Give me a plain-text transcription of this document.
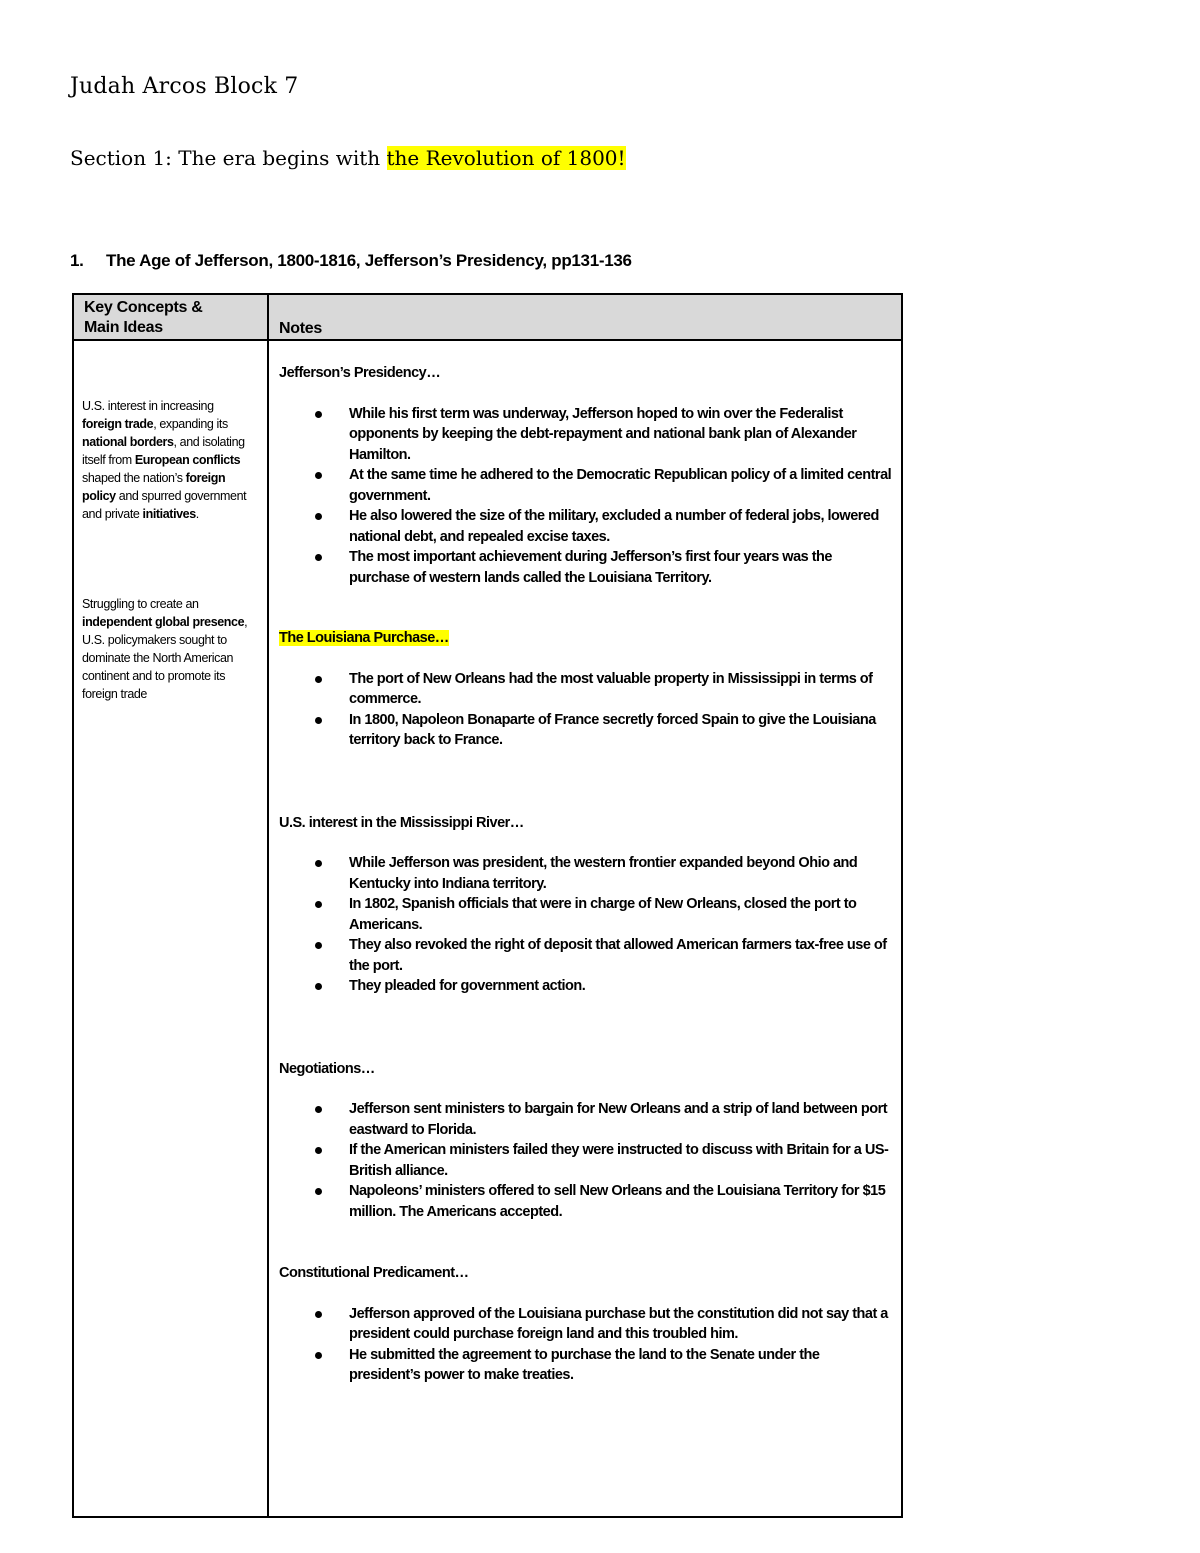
Judah Arcos Block 7
Section 1: The era begins with the Revolution of 1800!
1. The Age of Jefferson, 1800-1816, Jefferson’s Presidency, pp131-136
Key Concepts &
Main Ideas	Notes
U.S. interest in increasing foreign trade, expanding its national borders, and isolating itself from European conflicts shaped the nation’s foreign policy and spurred government and private initiatives.
Struggling to create an independent global presence, U.S. policymakers sought to dominate the North American continent and to promote its foreign trade

Jefferson’s Presidency…

While his first term was underway, Jefferson hoped to win over the Federalist opponents by keeping the debt-repayment and national bank plan of Alexander Hamilton.
At the same time he adhered to the Democratic Republican policy of a limited central government.
He also lowered the size of the military, excluded a number of federal jobs, lowered national debt, and repealed excise taxes.
The most important achievement during Jefferson’s first four years was the purchase of western lands called the Louisiana Territory.

The Louisiana Purchase…

The port of New Orleans had the most valuable property in Mississippi in terms of commerce.
In 1800, Napoleon Bonaparte of France secretly forced Spain to give the Louisiana territory back to France.

U.S. interest in the Mississippi River…

While Jefferson was president, the western frontier expanded beyond Ohio and Kentucky into Indiana territory.
In 1802, Spanish officials that were in charge of New Orleans, closed the port to Americans.
They also revoked the right of deposit that allowed American farmers tax-free use of the port.
They pleaded for government action.

Negotiations…

Jefferson sent ministers to bargain for New Orleans and a strip of land between port eastward to Florida.
If the American ministers failed they were instructed to discuss with Britain for a US-British alliance.
Napoleons’ ministers offered to sell New Orleans and the Louisiana Territory for $15 million. The Americans accepted.

Constitutional Predicament…

Jefferson approved of the Louisiana purchase but the constitution did not say that a president could purchase foreign land and this troubled him.
He submitted the agreement to purchase the land to the Senate under the president’s power to make treaties.
